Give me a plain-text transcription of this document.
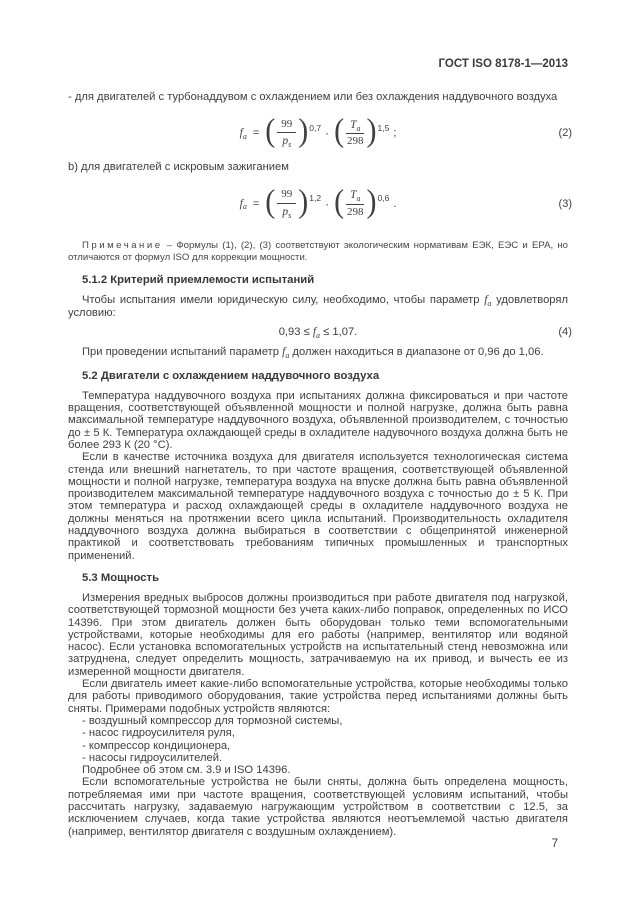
ГОСТ ISO 8178-1—2013
- для двигателей с турбонаддувом с охлаждением или без охлаждения наддувочного воздуха
f a = ( 99
$p_s$ ) 0,7 · ( $T_a$
298 ) 1,5 ;	(2)
b) для двигателей с искровым зажиганием
f a = ( 99
$p_s$ ) 1,2 · ( $T_a$
298 ) 0,6 .	(3)
Примечание – Формулы (1), (2), (3) соответствуют экологическим нормативам ЕЭК, ЕЭС и ЕРА, но отличаются от формул ISO для коррекции мощности.
5.1.2 Критерий приемлемости испытаний

Чтобы испытания имели юридическую силу, необходимо, чтобы параметр $f_a$ удовлетворял условию:

$0,93 \le f_a \le 1,07$.	(4)

При проведении испытаний параметр $f_a$ должен находиться в диапазоне от 0,96 до 1,06.

5.2 Двигатели с охлаждением наддувочного воздуха

Температура наддувочного воздуха при испытаниях должна фиксироваться и при частоте вращения, соответствующей объявленной мощности и полной нагрузке, должна быть равна максимальной температуре наддувочного воздуха, объявленной производителем, с точностью до ± 5 К. Температура охлаждающей среды в охладителе надувочного воздуха должна быть не более 293 К (20 °С).

Если в качестве источника воздуха для двигателя используется технологическая система стенда или внешний нагнетатель, то при частоте вращения, соответствующей объявленной мощности и полной нагрузке, температура воздуха на впуске должна быть равна объявленной производителем максимальной температуре наддувочного воздуха с точностью до ± 5 К. При этом температура и расход охлаждающей среды в охладителе наддувочного воздуха не должны меняться на протяжении всего цикла испытаний. Производительность охладителя наддувочного воздуха должна выбираться в соответствии с общепринятой инженерной практикой и соответствовать требованиям типичных промышленных и транспортных применений.

5.3 Мощность

Измерения вредных выбросов должны производиться при работе двигателя под нагрузкой, соответствующей тормозной мощности без учета каких-либо поправок, определенных по ИСО 14396. При этом двигатель должен быть оборудован только теми вспомогательными устройствами, которые необходимы для его работы (например, вентилятор или водяной насос). Если установка вспомогательных устройств на испытательный стенд невозможна или затруднена, следует определить мощность, затрачиваемую на их привод, и вычесть ее из измеренной мощности двигателя.

Если двигатель имеет какие-либо вспомогательные устройства, которые необходимы только для работы приводимого оборудования, такие устройства перед испытаниями должны быть сняты. Примерами подобных устройств являются:

- воздушный компрессор для тормозной системы,
- насос гидроусилителя руля,
- компрессор кондиционера,
- насосы гидроусилителей.
Подробнее об этом см. 3.9 и ISO 14396.

Если вспомогательные устройства не были сняты, должна быть определена мощность, потребляемая ими при частоте вращения, соответствующей условиям испытаний, чтобы рассчитать нагрузку, задаваемую нагружающим устройством в соответствии с 12.5, за исключением случаев, когда такие устройства являются неотъемлемой частью двигателя (например, вентилятор двигателя с воздушным охлаждением).

7
